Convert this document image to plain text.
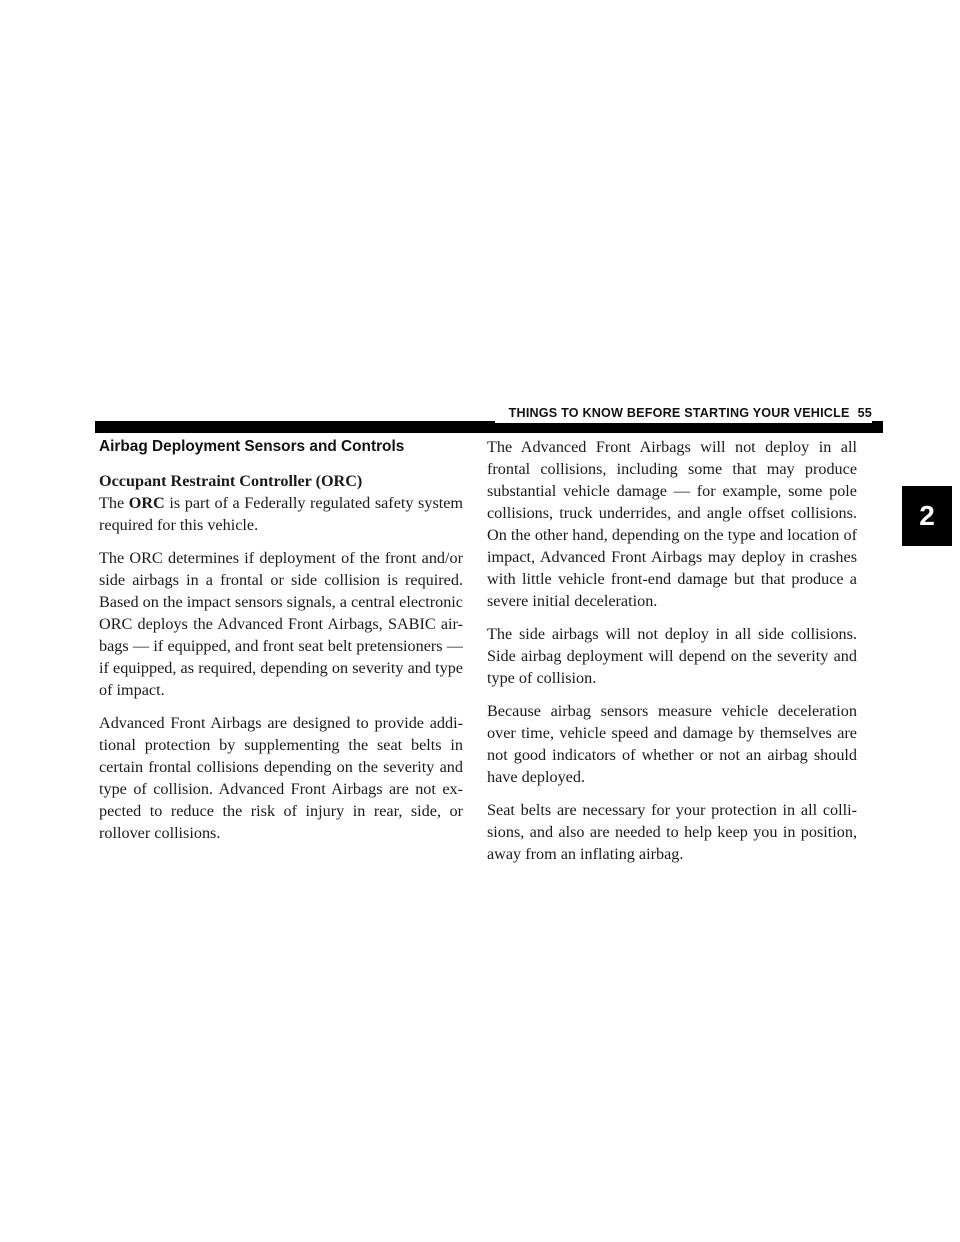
THINGS TO KNOW BEFORE STARTING YOUR VEHICLE 55
2
Airbag Deployment Sensors and Controls

Occupant Restraint Controller (ORC)

The ORC is part of a Federally regulated safety system required for this vehicle.

The ORC determines if deployment of the front and/or side airbags in a frontal or side collision is required. Based on the impact sensors signals, a central electronic ORC deploys the Advanced Front Airbags, SABIC air-bags — if equipped, and front seat belt pretensioners — if equipped, as required, depending on severity and type of impact.

Advanced Front Airbags are designed to provide addi-tional protection by supplementing the seat belts in certain frontal collisions depending on the severity and type of collision. Advanced Front Airbags are not ex-pected to reduce the risk of injury in rear, side, or rollover collisions.

The Advanced Front Airbags will not deploy in all frontal collisions, including some that may produce substantial vehicle damage — for example, some pole collisions, truck underrides, and angle offset collisions. On the other hand, depending on the type and location of impact, Advanced Front Airbags may deploy in crashes with little vehicle front-end damage but that produce a severe initial deceleration.

The side airbags will not deploy in all side collisions. Side airbag deployment will depend on the severity and type of collision.

Because airbag sensors measure vehicle deceleration over time, vehicle speed and damage by themselves are not good indicators of whether or not an airbag should have deployed.

Seat belts are necessary for your protection in all colli-sions, and also are needed to help keep you in position, away from an inflating airbag.
